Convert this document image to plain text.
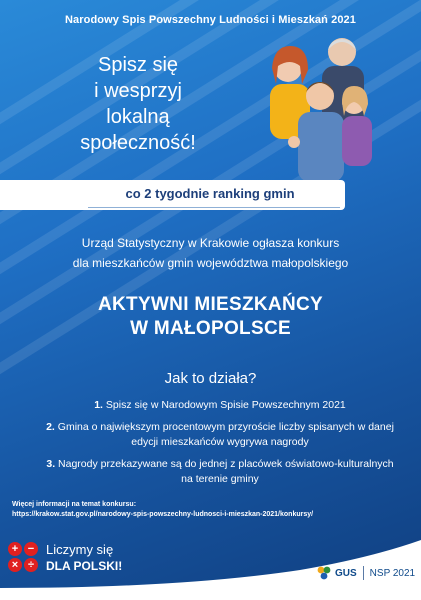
Narodowy Spis Powszechny Ludności i Mieszkań 2021
Spisz się
i wesprzyj
lokalną
społeczność!
co 2 tygodnie ranking gmin
Urząd Statystyczny w Krakowie ogłasza konkurs
dla mieszkańców gmin województwa małopolskiego
AKTYWNI MIESZKAŃCY
W MAŁOPOLSCE
Jak to działa?
1. Spisz się w Narodowym Spisie Powszechnym 2021
2. Gmina o największym procentowym przyroście liczby spisanych w danej edycji mieszkańców wygrywa nagrody
3. Nagrody przekazywane są do jednej z placówek oświatowo-kulturalnych na terenie gminy
Więcej informacji na temat konkursu:
https://krakow.stat.gov.pl/narodowy-spis-powszechny-ludnosci-i-mieszkan-2021/konkursy/
+ −
× ÷
Liczymy się
DLA POLSKI!	GUS NSP 2021
